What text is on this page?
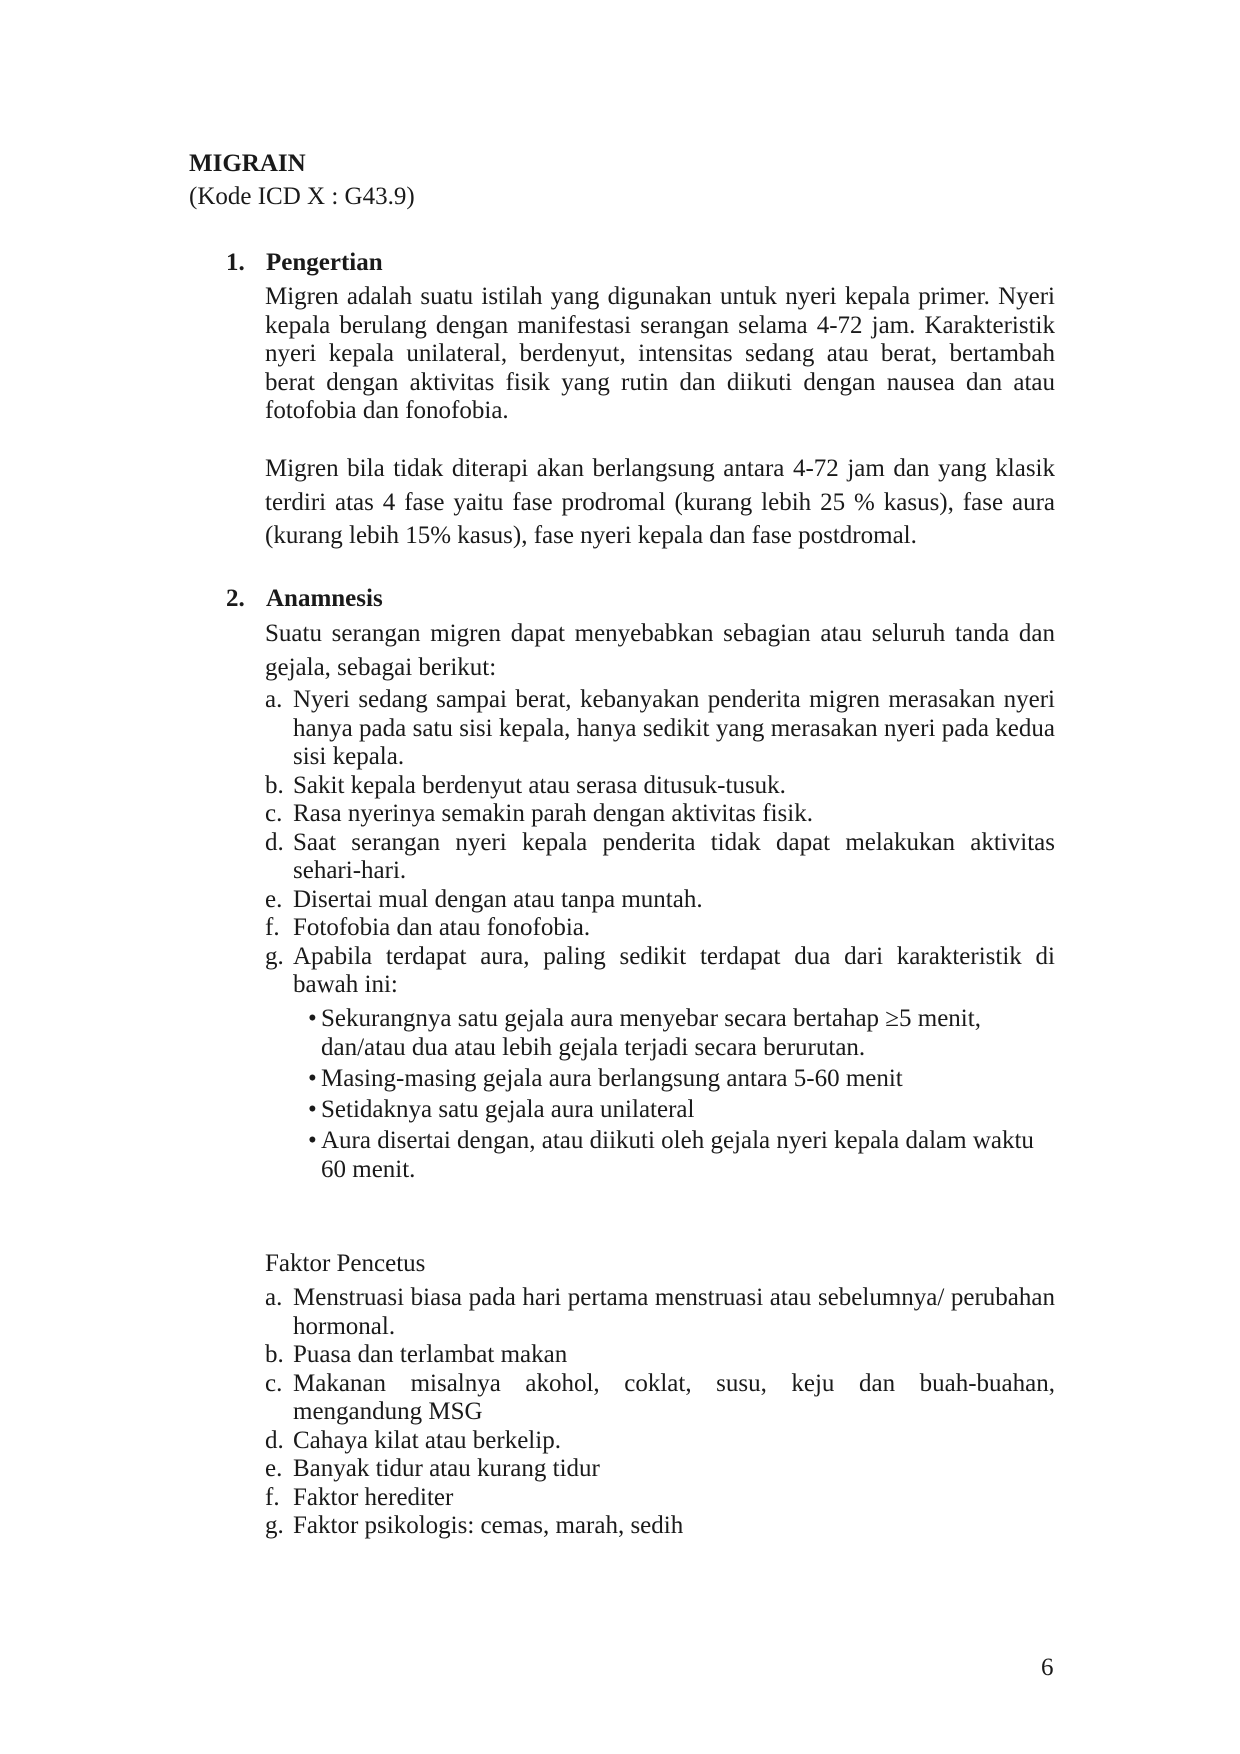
MIGRAIN
(Kode ICD X : G43.9)
1. Pengertian

Migren adalah suatu istilah yang digunakan untuk nyeri kepala primer. Nyeri kepala berulang dengan manifestasi serangan selama 4-72 jam. Karakteristik nyeri kepala unilateral, berdenyut, intensitas sedang atau berat, bertambah berat dengan aktivitas fisik yang rutin dan diikuti dengan nausea dan atau fotofobia dan fonofobia.

Migren bila tidak diterapi akan berlangsung antara 4-72 jam dan yang klasik terdiri atas 4 fase yaitu fase prodromal (kurang lebih 25 % kasus), fase aura (kurang lebih 15% kasus), fase nyeri kepala dan fase postdromal.

2. Anamnesis

Suatu serangan migren dapat menyebabkan sebagian atau seluruh tanda dan gejala, sebagai berikut:

a. Nyeri sedang sampai berat, kebanyakan penderita migren merasakan nyeri hanya pada satu sisi kepala, hanya sedikit yang merasakan nyeri pada kedua sisi kepala.
b. Sakit kepala berdenyut atau serasa ditusuk-tusuk.
c. Rasa nyerinya semakin parah dengan aktivitas fisik.
d. Saat serangan nyeri kepala penderita tidak dapat melakukan aktivitas sehari-hari.
e. Disertai mual dengan atau tanpa muntah.
f. Fotofobia dan atau fonofobia.
g. Apabila terdapat aura, paling sedikit terdapat dua dari karakteristik di bawah ini:
• Sekurangnya satu gejala aura menyebar secara bertahap ≥5 menit, dan/atau dua atau lebih gejala terjadi secara berurutan.
• Masing-masing gejala aura berlangsung antara 5-60 menit
• Setidaknya satu gejala aura unilateral
• Aura disertai dengan, atau diikuti oleh gejala nyeri kepala dalam waktu 60 menit.
Faktor Pencetus
a. Menstruasi biasa pada hari pertama menstruasi atau sebelumnya/ perubahan hormonal.
b. Puasa dan terlambat makan
c. Makanan misalnya akohol, coklat, susu, keju dan buah-buahan, mengandung MSG
d. Cahaya kilat atau berkelip.
e. Banyak tidur atau kurang tidur
f. Faktor herediter
g. Faktor psikologis: cemas, marah, sedih
6
